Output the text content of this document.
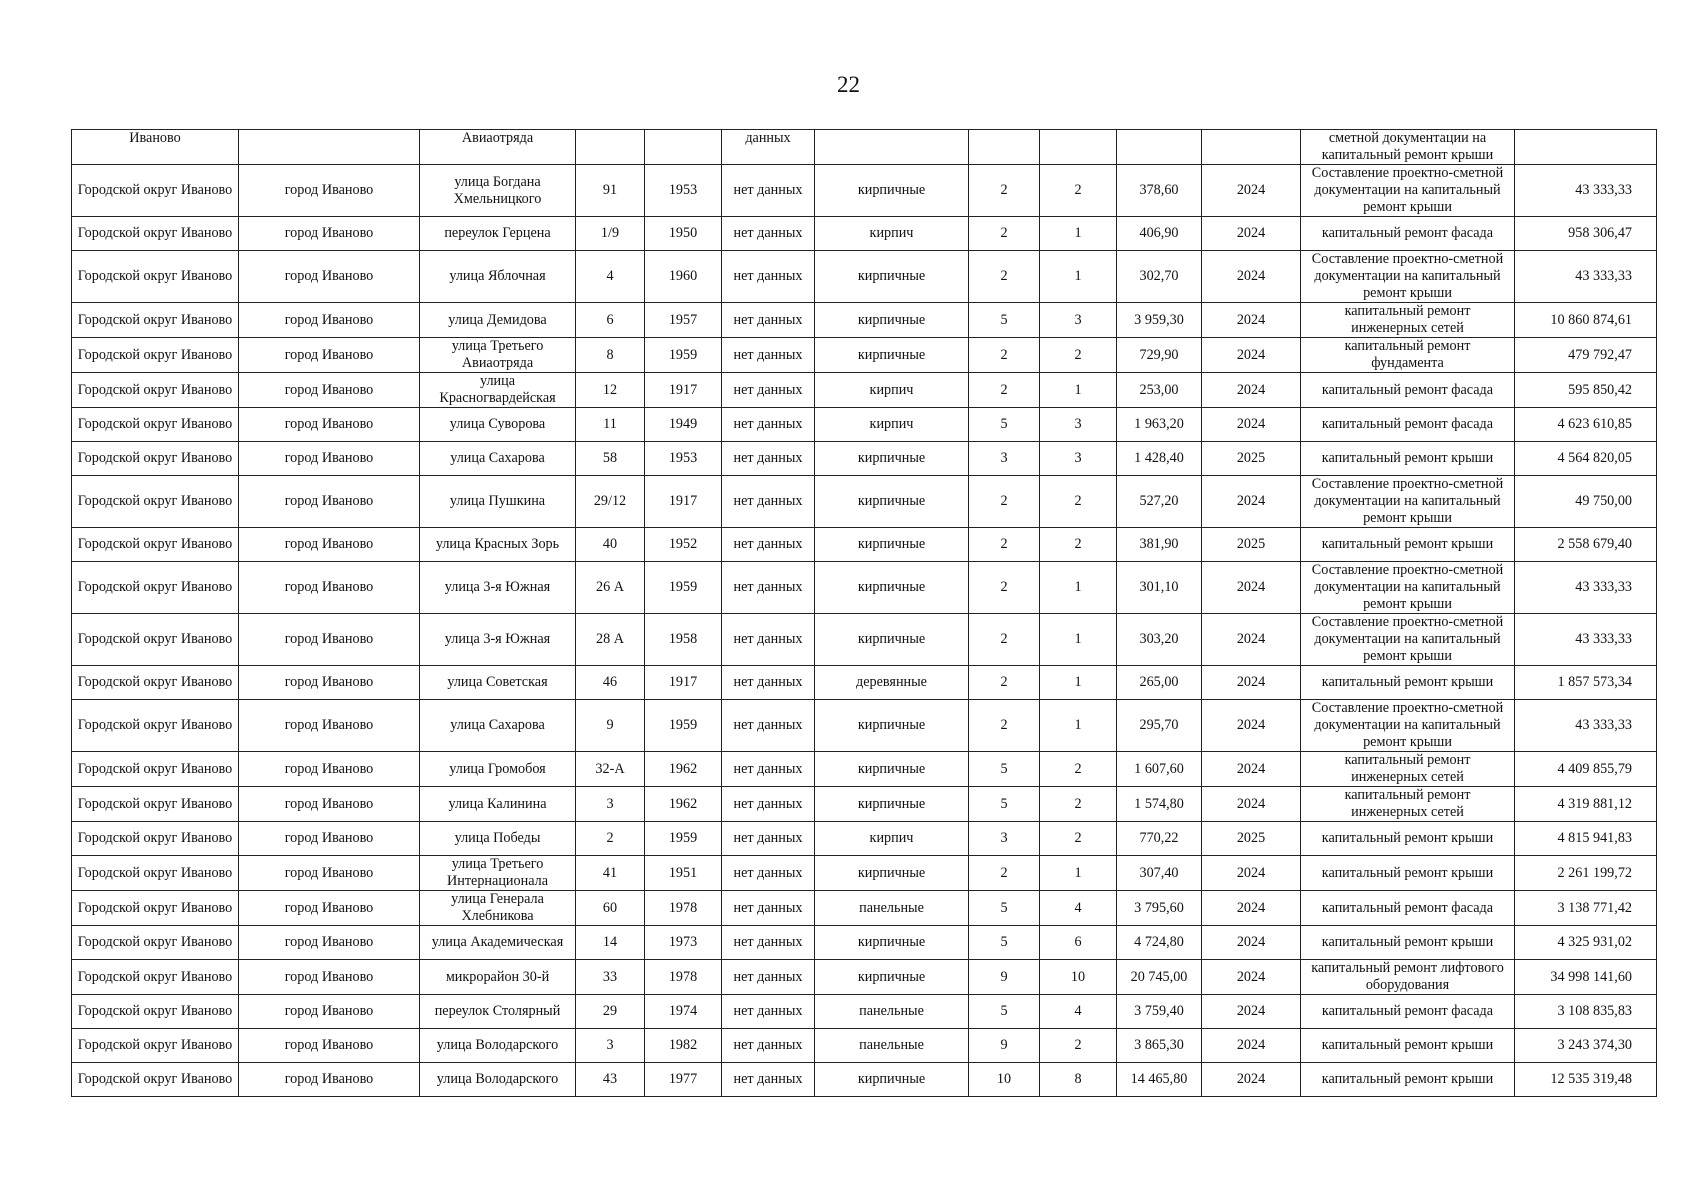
22
Иваново		Авиаотряда			данных						сметной документации на капитальный ремонт крыши	
Городской округ Иваново	город Иваново	улица Богдана Хмельницкого	91	1953	нет данных	кирпичные	2	2	378,60	2024	Составление проектно-сметной документации на капитальный ремонт крыши	43 333,33
Городской округ Иваново	город Иваново	переулок Герцена	1/9	1950	нет данных	кирпич	2	1	406,90	2024	капитальный ремонт фасада	958 306,47
Городской округ Иваново	город Иваново	улица Яблочная	4	1960	нет данных	кирпичные	2	1	302,70	2024	Составление проектно-сметной документации на капитальный ремонт крыши	43 333,33
Городской округ Иваново	город Иваново	улица Демидова	6	1957	нет данных	кирпичные	5	3	3 959,30	2024	капитальный ремонт инженерных сетей	10 860 874,61
Городской округ Иваново	город Иваново	улица Третьего Авиаотряда	8	1959	нет данных	кирпичные	2	2	729,90	2024	капитальный ремонт фундамента	479 792,47
Городской округ Иваново	город Иваново	улица Красногвардейская	12	1917	нет данных	кирпич	2	1	253,00	2024	капитальный ремонт фасада	595 850,42
Городской округ Иваново	город Иваново	улица Суворова	11	1949	нет данных	кирпич	5	3	1 963,20	2024	капитальный ремонт фасада	4 623 610,85
Городской округ Иваново	город Иваново	улица Сахарова	58	1953	нет данных	кирпичные	3	3	1 428,40	2025	капитальный ремонт крыши	4 564 820,05
Городской округ Иваново	город Иваново	улица Пушкина	29/12	1917	нет данных	кирпичные	2	2	527,20	2024	Составление проектно-сметной документации на капитальный ремонт крыши	49 750,00
Городской округ Иваново	город Иваново	улица Красных Зорь	40	1952	нет данных	кирпичные	2	2	381,90	2025	капитальный ремонт крыши	2 558 679,40
Городской округ Иваново	город Иваново	улица 3-я Южная	26 А	1959	нет данных	кирпичные	2	1	301,10	2024	Составление проектно-сметной документации на капитальный ремонт крыши	43 333,33
Городской округ Иваново	город Иваново	улица 3-я Южная	28 А	1958	нет данных	кирпичные	2	1	303,20	2024	Составление проектно-сметной документации на капитальный ремонт крыши	43 333,33
Городской округ Иваново	город Иваново	улица Советская	46	1917	нет данных	деревянные	2	1	265,00	2024	капитальный ремонт крыши	1 857 573,34
Городской округ Иваново	город Иваново	улица Сахарова	9	1959	нет данных	кирпичные	2	1	295,70	2024	Составление проектно-сметной документации на капитальный ремонт крыши	43 333,33
Городской округ Иваново	город Иваново	улица Громобоя	32-А	1962	нет данных	кирпичные	5	2	1 607,60	2024	капитальный ремонт инженерных сетей	4 409 855,79
Городской округ Иваново	город Иваново	улица Калинина	3	1962	нет данных	кирпичные	5	2	1 574,80	2024	капитальный ремонт инженерных сетей	4 319 881,12
Городской округ Иваново	город Иваново	улица Победы	2	1959	нет данных	кирпич	3	2	770,22	2025	капитальный ремонт крыши	4 815 941,83
Городской округ Иваново	город Иваново	улица Третьего Интернационала	41	1951	нет данных	кирпичные	2	1	307,40	2024	капитальный ремонт крыши	2 261 199,72
Городской округ Иваново	город Иваново	улица Генерала Хлебникова	60	1978	нет данных	панельные	5	4	3 795,60	2024	капитальный ремонт фасада	3 138 771,42
Городской округ Иваново	город Иваново	улица Академическая	14	1973	нет данных	кирпичные	5	6	4 724,80	2024	капитальный ремонт крыши	4 325 931,02
Городской округ Иваново	город Иваново	микрорайон 30-й	33	1978	нет данных	кирпичные	9	10	20 745,00	2024	капитальный ремонт лифтового оборудования	34 998 141,60
Городской округ Иваново	город Иваново	переулок Столярный	29	1974	нет данных	панельные	5	4	3 759,40	2024	капитальный ремонт фасада	3 108 835,83
Городской округ Иваново	город Иваново	улица Володарского	3	1982	нет данных	панельные	9	2	3 865,30	2024	капитальный ремонт крыши	3 243 374,30
Городской округ Иваново	город Иваново	улица Володарского	43	1977	нет данных	кирпичные	10	8	14 465,80	2024	капитальный ремонт крыши	12 535 319,48
